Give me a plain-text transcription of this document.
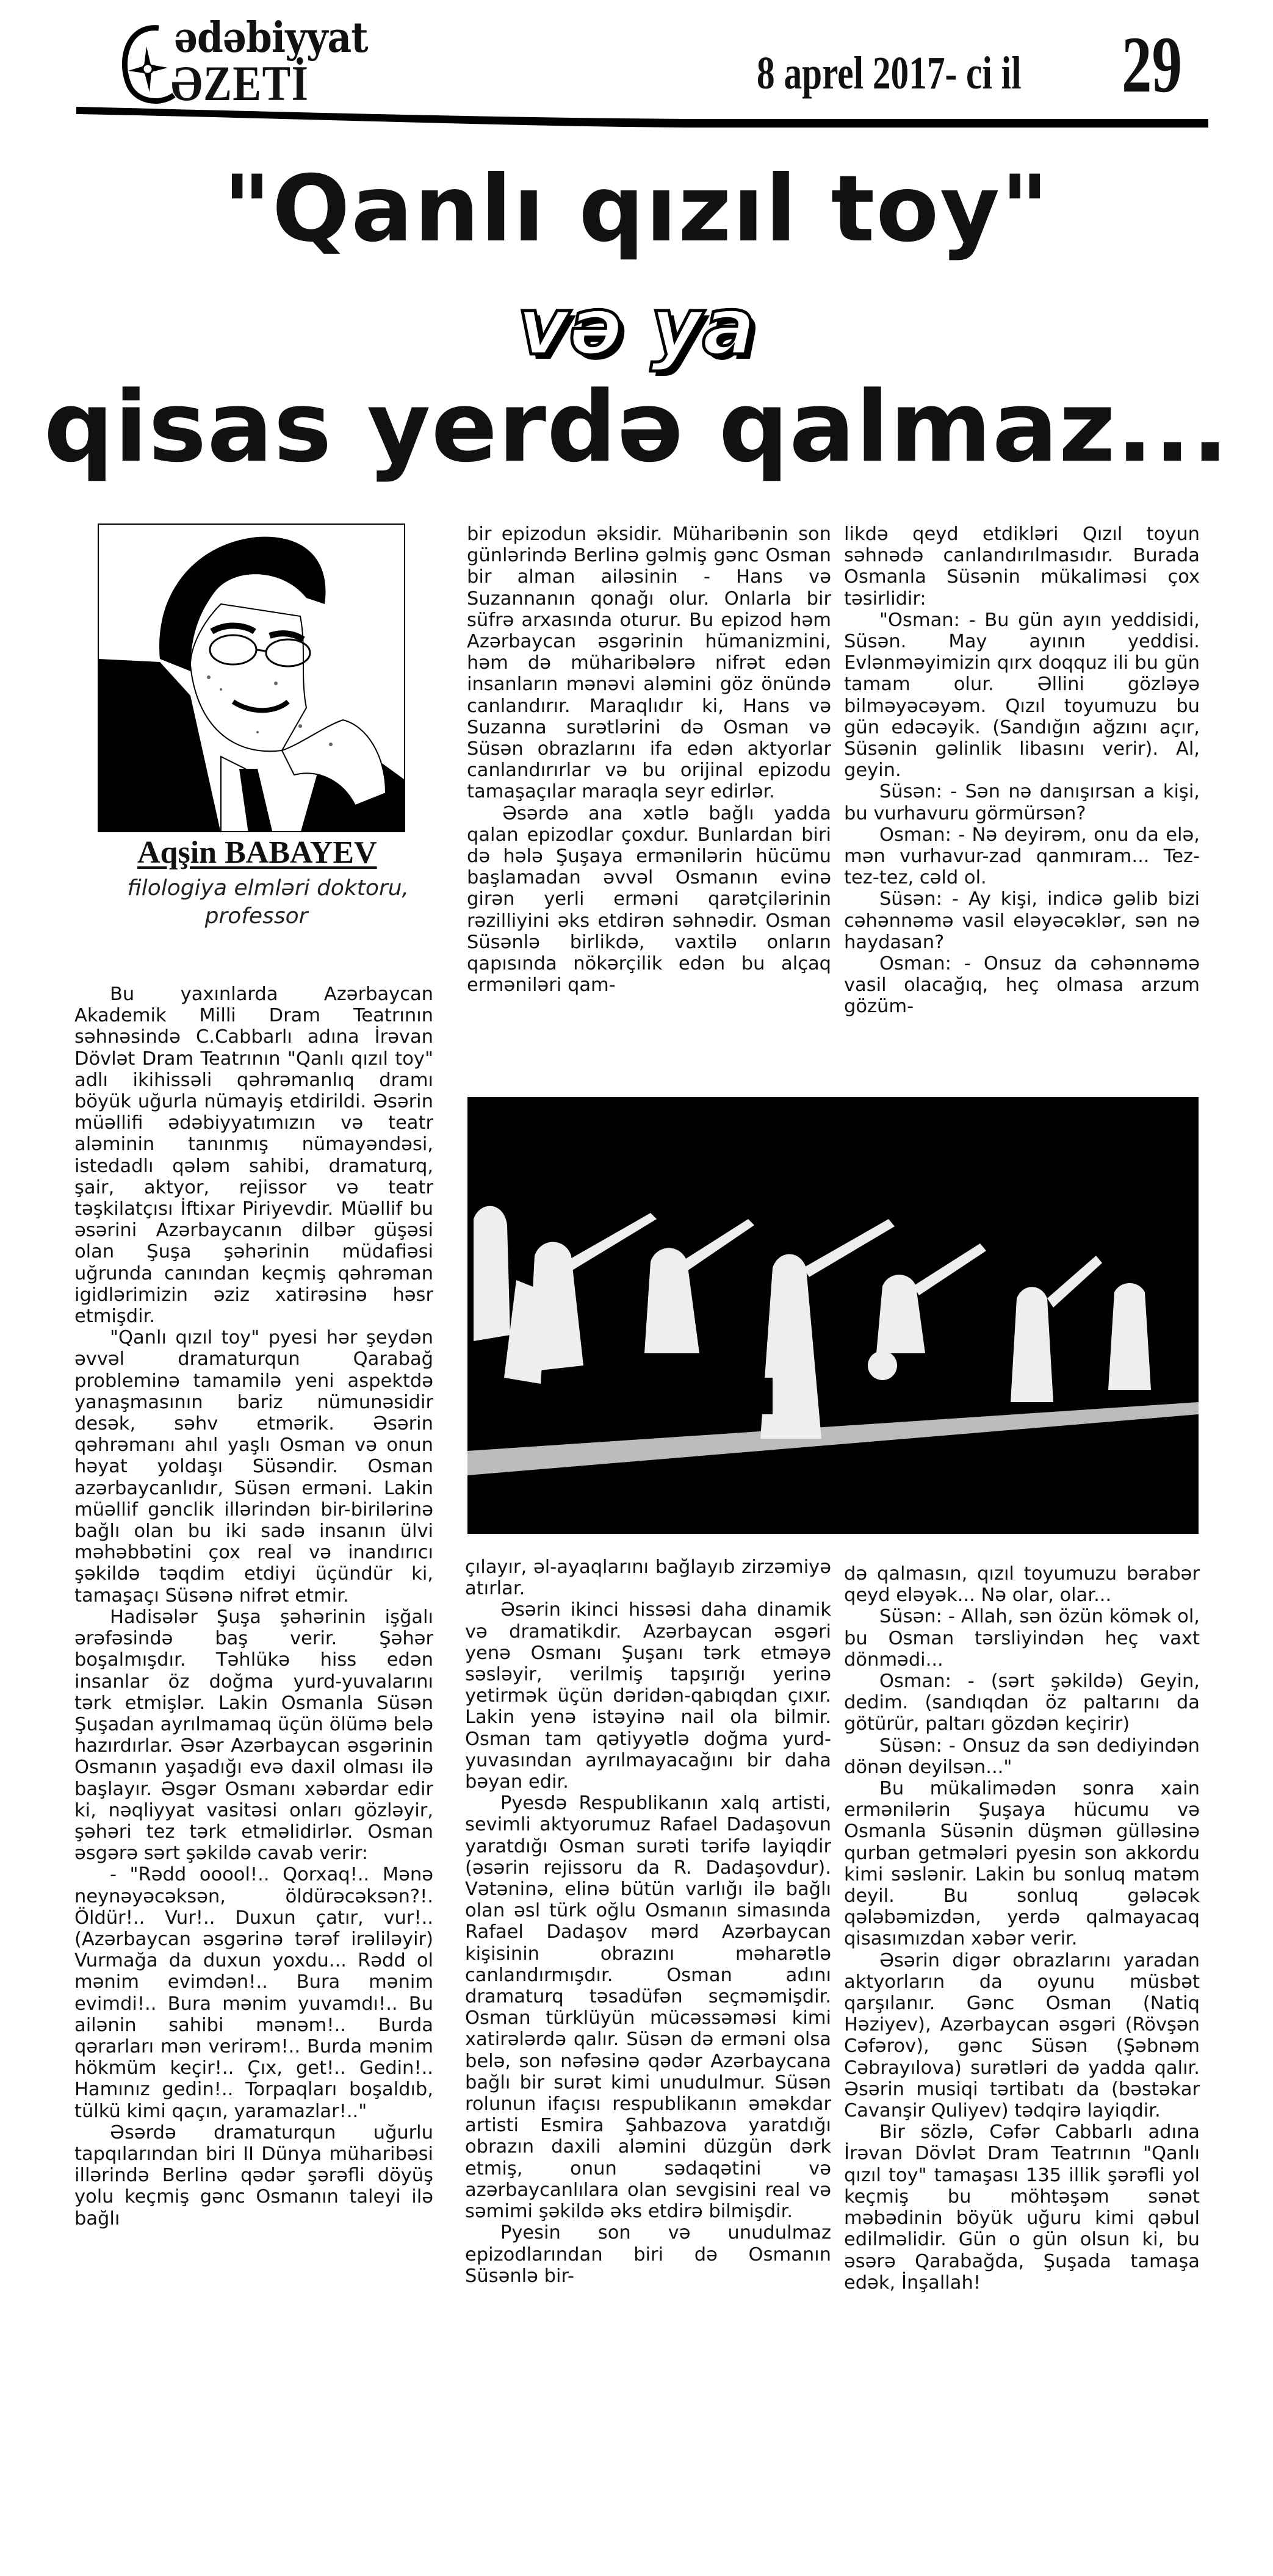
ədəbiyyat
ƏZETİ	8 aprel 2017- ci il 29
"Qanlı qızıl toy"
və ya
qisas yerdə qalmaz...
Aqşin BABAYEV
filologiya elmləri doktoru,
professor

Bu yaxınlarda Azərbaycan Akademik Milli Dram Teatrının səhnəsində C.Cabbarlı adına İrəvan Dövlət Dram Teatrının "Qanlı qızıl toy" adlı ikihissəli qəhrəmanlıq dramı böyük uğurla nümayiş etdirildi. Əsərin müəllifi ədəbiyyatımızın və teatr aləminin tanınmış nümayəndəsi, istedadlı qələm sahibi, dramaturq, şair, aktyor, rejissor və teatr təşkilatçısı İftixar Piriyevdir. Müəllif bu əsərini Azərbaycanın dilbər güşəsi olan Şuşa şəhərinin müdafiəsi uğrunda canından keçmiş qəhrəman igidlərimizin əziz xatirəsinə həsr etmişdir.

"Qanlı qızıl toy" pyesi hər şeydən əvvəl dramaturqun Qarabağ probleminə tamamilə yeni aspektdə yanaşmasının bariz nümunəsidir desək, səhv etmərik. Əsərin qəhrəmanı ahıl yaşlı Osman və onun həyat yoldaşı Süsəndir. Osman azərbaycanlıdır, Süsən erməni. Lakin müəllif gənclik illərindən bir-birilərinə bağlı olan bu iki sadə insanın ülvi məhəbbətini çox real və inandırıcı şəkildə təqdim etdiyi üçündür ki, tamaşaçı Süsənə nifrət etmir.

Hadisələr Şuşa şəhərinin işğalı ərəfəsində baş verir. Şəhər boşalmışdır. Təhlükə hiss edən insanlar öz doğma yurd-yuvalarını tərk etmişlər. Lakin Osmanla Süsən Şuşadan ayrılmamaq üçün ölümə belə hazırdırlar. Əsər Azərbaycan əsgərinin Osmanın yaşadığı evə daxil olması ilə başlayır. Əsgər Osmanı xəbərdar edir ki, nəqliyyat vasitəsi onları gözləyir, şəhəri tez tərk etməlidirlər. Osman əsgərə sərt şəkildə cavab verir:

- "Rədd ooool!.. Qorxaq!.. Mənə neynəyəcəksən, öldürəcəksən?!. Öldür!.. Vur!.. Duxun çatır, vur!.. (Azərbaycan əsgərinə tərəf irəliləyir) Vurmağa da duxun yoxdu... Rədd ol mənim evimdən!.. Bura mənim evimdi!.. Bura mənim yuvamdı!.. Bu ailənin sahibi mənəm!.. Burda qərarları mən verirəm!.. Burda mənim hökmüm keçir!.. Çıx, get!.. Gedin!.. Hamınız gedin!.. Torpaqları boşaldıb, tülkü kimi qaçın, yaramazlar!.."

Əsərdə dramaturqun uğurlu tapqılarından biri II Dünya müharibəsi illərində Berlinə qədər şərəfli döyüş yolu keçmiş gənc Osmanın taleyi ilə bağlı

bir epizodun əksidir. Müharibənin son günlərində Berlinə gəlmiş gənc Osman bir alman ailəsinin - Hans və Suzannanın qonağı olur. Onlarla bir süfrə arxasında oturur. Bu epizod həm Azərbaycan əsgərinin hümanizmini, həm də müharibələrə nifrət edən insanların mənəvi aləmini göz önündə canlandırır. Maraqlıdır ki, Hans və Suzanna surətlərini də Osman və Süsən obrazlarını ifa edən aktyorlar canlandırırlar və bu orijinal epizodu tamaşaçılar maraqla seyr edirlər.

Əsərdə ana xətlə bağlı yadda qalan epizodlar çoxdur. Bunlardan biri də hələ Şuşaya ermənilərin hücümu başlamadan əvvəl Osmanın evinə girən yerli erməni qarətçilərinin rəzilliyini əks etdirən səhnədir. Osman Süsənlə birlikdə, vaxtilə onların qapısında nökərçilik edən bu alçaq erməniləri qam-

likdə qeyd etdikləri Qızıl toyun səhnədə canlandırılmasıdır. Burada Osmanla Süsənin mükaliməsi çox təsirlidir:

"Osman: - Bu gün ayın yeddisidi, Süsən. May ayının yeddisi. Evlənməyimizin qırx doqquz ili bu gün tamam olur. Əllini gözləyə bilməyəcəyəm. Qızıl toyumuzu bu gün edəcəyik. (Sandığın ağzını açır, Süsənin gəlinlik libasını verir). Al, geyin.

Süsən: - Sən nə danışırsan a kişi, bu vurhavuru görmürsən?

Osman: - Nə deyirəm, onu da elə, mən vurhavur-zad qanmıram... Tez-tez-tez, cəld ol.

Süsən: - Ay kişi, indicə gəlib bizi cəhənnəmə vasil eləyəcəklər, sən nə haydasan?

Osman: - Onsuz da cəhənnəmə vasil olacağıq, heç olmasa arzum gözüm-

çılayır, əl-ayaqlarını bağlayıb zirzəmiyə atırlar.

Əsərin ikinci hissəsi daha dinamik və dramatikdir. Azərbaycan əsgəri yenə Osmanı Şuşanı tərk etməyə səsləyir, verilmiş tapşırığı yerinə yetirmək üçün dəridən-qabıqdan çıxır. Lakin yenə istəyinə nail ola bilmir. Osman tam qətiyyətlə doğma yurd-yuvasından ayrılmayacağını bir daha bəyan edir.

Pyesdə Respublikanın xalq artisti, sevimli aktyorumuz Rafael Dadaşovun yaratdığı Osman surəti tərifə layiqdir (əsərin rejissoru da R. Dadaşovdur). Vətəninə, elinə bütün varlığı ilə bağlı olan əsl türk oğlu Osmanın simasında Rafael Dadaşov mərd Azərbaycan kişisinin obrazını məharətlə canlandırmışdır. Osman adını dramaturq təsadüfən seçməmişdir. Osman türklüyün mücəssəməsi kimi xatirələrdə qalır. Süsən də erməni olsa belə, son nəfəsinə qədər Azərbaycana bağlı bir surət kimi unudulmur. Süsən rolunun ifaçısı respublikanın əməkdar artisti Esmira Şahbazova yaratdığı obrazın daxili aləmini düzgün dərk etmiş, onun sədaqətini və azərbaycanlılara olan sevgisini real və səmimi şəkildə əks etdirə bilmişdir.

Pyesin son və unudulmaz epizodlarından biri də Osmanın Süsənlə bir-

də qalmasın, qızıl toyumuzu bərabər qeyd eləyək... Nə olar, olar...

Süsən: - Allah, sən özün kömək ol, bu Osman tərsliyindən heç vaxt dönmədi...

Osman: - (sərt şəkildə) Geyin, dedim. (sandıqdan öz paltarını da götürür, paltarı gözdən keçirir)

Süsən: - Onsuz da sən dediyindən dönən deyilsən..."

Bu mükalimədən sonra xain ermənilərin Şuşaya hücumu və Osmanla Süsənin düşmən gülləsinə qurban getmələri pyesin son akkordu kimi səslənir. Lakin bu sonluq matəm deyil. Bu sonluq gələcək qələbəmizdən, yerdə qalmayacaq qisasımızdan xəbər verir.

Əsərin digər obrazlarını yaradan aktyorların da oyunu müsbət qarşılanır. Gənc Osman (Natiq Həziyev), Azərbaycan əsgəri (Rövşən Cəfərov), gənc Süsən (Şəbnəm Cəbrayılova) surətləri də yadda qalır. Əsərin musiqi tərtibatı da (bəstəkar Cavanşir Quliyev) tədqirə layiqdir.

Bir sözlə, Cəfər Cabbarlı adına İrəvan Dövlət Dram Teatrının "Qanlı qızıl toy" tamaşası 135 illik şərəfli yol keçmiş bu möhtəşəm sənət məbədinin böyük uğuru kimi qəbul edilməlidir. Gün o gün olsun ki, bu əsərə Qarabağda, Şuşada tamaşa edək, İnşallah!
